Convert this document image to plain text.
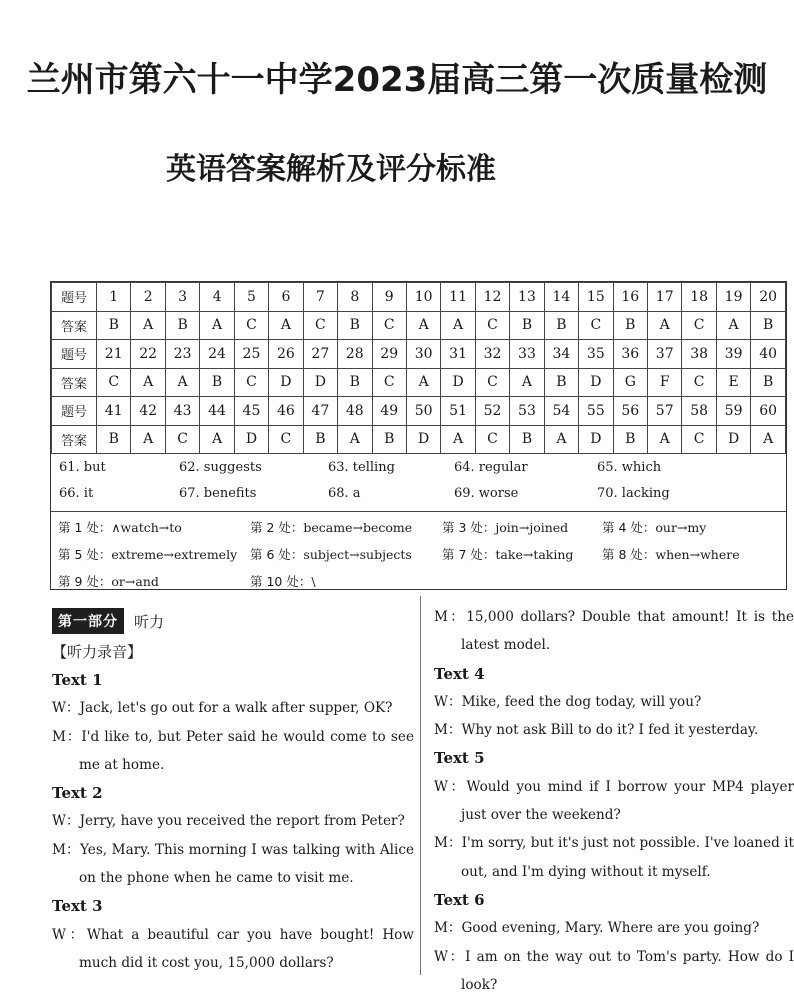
兰州市第六十一中学2023届高三第一次质量检测
英语答案解析及评分标准
题号	1	2	3	4	5	6	7	8	9	10	11	12	13	14	15	16	17	18	19	20
答案	B	A	B	A	C	A	C	B	C	A	A	C	B	B	C	B	A	C	A	B
题号	21	22	23	24	25	26	27	28	29	30	31	32	33	34	35	36	37	38	39	40
答案	C	A	A	B	C	D	D	B	C	A	D	C	A	B	D	G	F	C	E	B
题号	41	42	43	44	45	46	47	48	49	50	51	52	53	54	55	56	57	58	59	60
答案	B	A	C	A	D	C	B	A	B	D	A	C	B	A	D	B	A	C	D	A
61. but	62. suggests	63. telling	64. regular	65. which
66. it	67. benefits	68. a	69. worse	70. lacking
第 1 处：∧watch→to	第 2 处：became→become 第 3 处：join→joined	第 4 处：our→my
第 5 处：extreme→extremely 第 6 处：subject→subjects 第 7 处：take→taking 第 8 处：when→where
第 9 处：or→and	第 10 处：\
第一部分	听力
【听力录音】
Text 1
W：Jack, let's go out for a walk after supper, OK?
M：I'd like to, but Peter said he would come to see me at home.
Text 2
W：Jerry, have you received the report from Peter?
M：Yes, Mary. This morning I was talking with Alice on the phone when he came to visit me.
Text 3
W：What a beautiful car you have bought! How much did it cost you, 15,000 dollars?
M：15,000 dollars? Double that amount! It is the latest model.
Text 4
W：Mike, feed the dog today, will you?
M：Why not ask Bill to do it? I fed it yesterday.
Text 5
W：Would you mind if I borrow your MP4 player just over the weekend?
M：I'm sorry, but it's just not possible. I've loaned it out, and I'm dying without it myself.
Text 6
M：Good evening, Mary. Where are you going?
W：I am on the way out to Tom's party. How do I look?
